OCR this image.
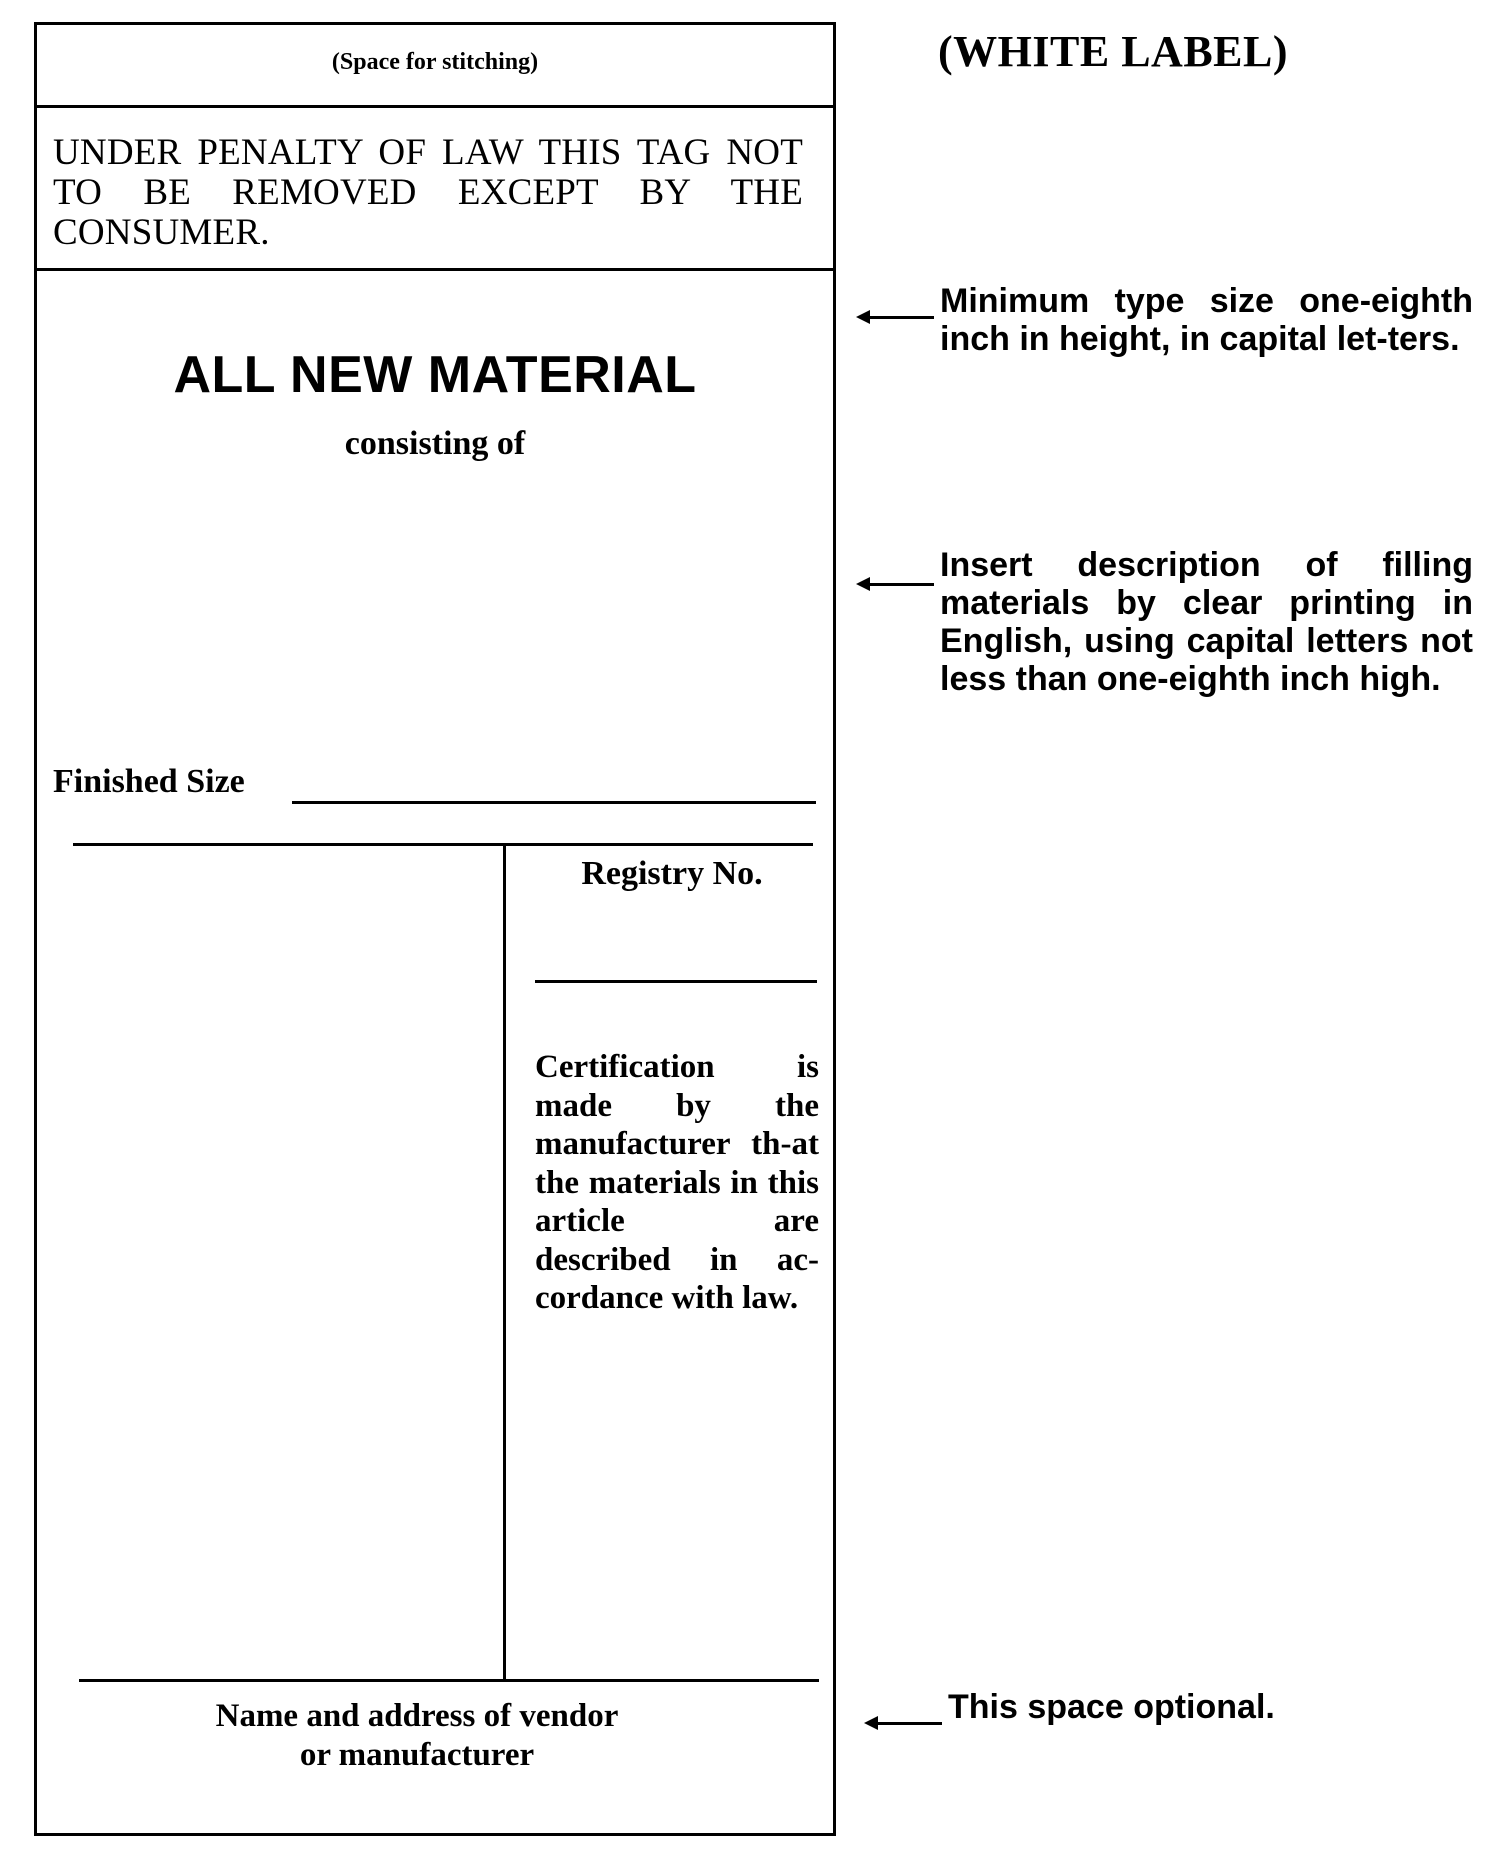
(Space for stitching)
UNDER PENALTY OF LAW THIS TAG NOT TO BE REMOVED EXCEPT BY THE CONSUMER.
ALL NEW MATERIAL
consisting of
Finished Size
Registry No.
Certification is made by the manufacturer th-at the materials in this article are described in ac-cordance with law.
Name and address of vendor
or manufacturer
(WHITE LABEL)
Minimum type size one-eighth inch in height, in capital let-ters.
Insert description of filling materials by clear printing in English, using capital letters not less than one-eighth inch high.
This space optional.
